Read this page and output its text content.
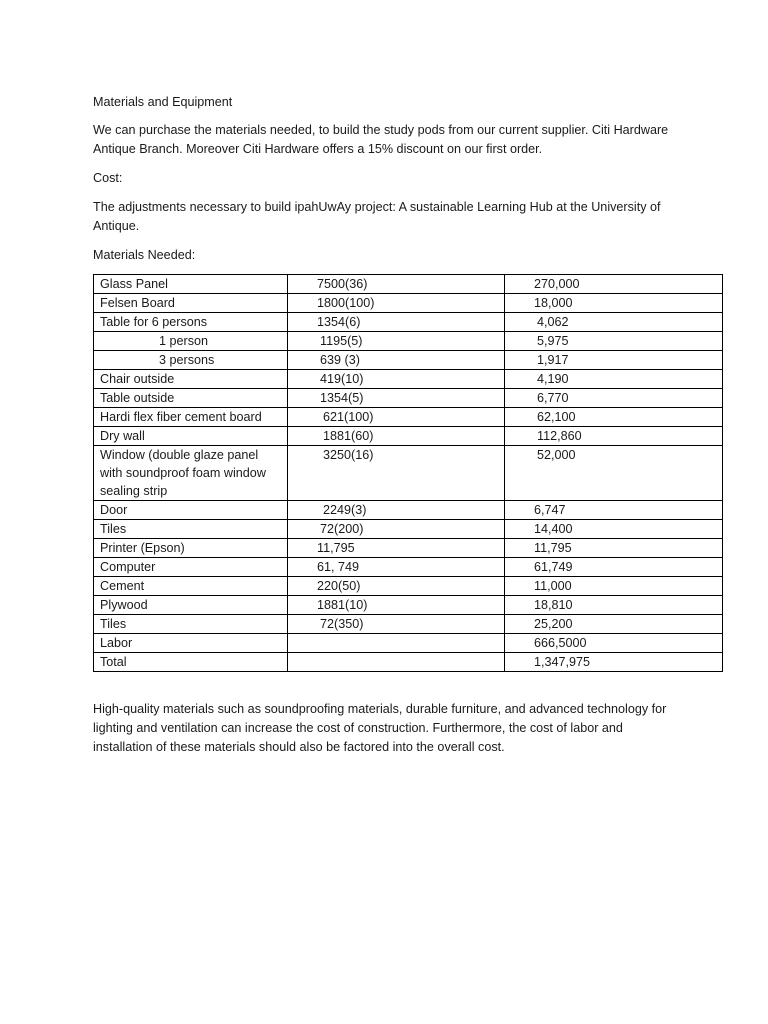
Materials and Equipment

We can purchase the materials needed, to build the study pods from our current supplier. Citi Hardware Antique Branch. Moreover Citi Hardware offers a 15% discount on our first order.

Cost:

The adjustments necessary to build ipahUwAy project: A sustainable Learning Hub at the University of Antique.

Materials Needed:

Glass Panel	7500(36)	270,000
Felsen Board	1800(100)	18,000
Table for 6 persons	1354(6)	4,062
1 person	1195(5)	5,975
3 persons	639 (3)	1,917
Chair outside	419(10)	4,190
Table outside	1354(5)	6,770
Hardi flex fiber cement board	621(100)	62,100
Dry wall	1881(60)	112,860
Window (double glaze panel with soundproof foam window sealing strip	3250(16)	52,000
Door	2249(3)	6,747
Tiles	72(200)	14,400
Printer (Epson)	11,795	11,795
Computer	61, 749	61,749
Cement	220(50)	11,000
Plywood	1881(10)	18,810
Tiles	72(350)	25,200
Labor		666,5000
Total		1,347,975

High-quality materials such as soundproofing materials, durable furniture, and advanced technology for lighting and ventilation can increase the cost of construction. Furthermore, the cost of labor and installation of these materials should also be factored into the overall cost.
